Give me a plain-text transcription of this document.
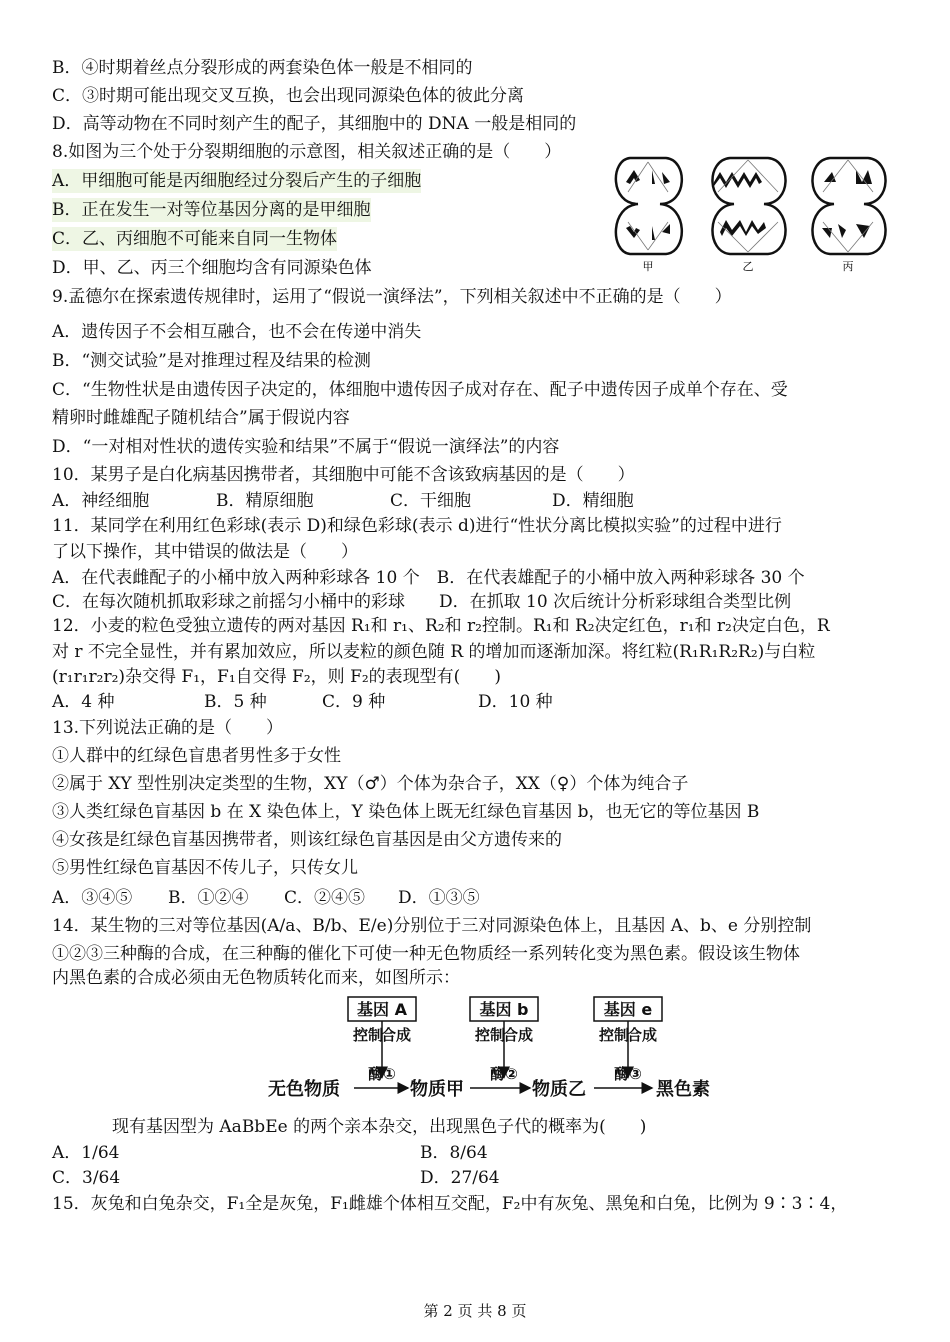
B．④时期着丝点分裂形成的两套染色体一般是不相同的
C．③时期可能出现交叉互换，也会出现同源染色体的彼此分离
D．高等动物在不同时刻产生的配子，其细胞中的 DNA 一般是相同的
8.如图为三个处于分裂期细胞的示意图，相关叙述正确的是（　　）
A．甲细胞可能是丙细胞经过分裂后产生的子细胞
B．正在发生一对等位基因分离的是甲细胞
C．乙、丙细胞不可能来自同一生物体
D．甲、乙、丙三个细胞均含有同源染色体	甲	乙	丙
9.孟德尔在探索遗传规律时，运用了“假说一演绎法”，下列相关叙述中不正确的是（　　）
A．遗传因子不会相互融合，也不会在传递中消失
B．“测交试验”是对推理过程及结果的检测
C．“生物性状是由遗传因子决定的，体细胞中遗传因子成对存在、配子中遗传因子成单个存在、受
精卵时雌雄配子随机结合”属于假说内容
D．“一对相对性状的遗传实验和结果”不属于“假说一演绎法”的内容
10．某男子是白化病基因携带者，其细胞中可能不含该致病基因的是（　　）
A．神经细胞	B．精原细胞	C．干细胞	D．精细胞
11．某同学在利用红色彩球(表示 D)和绿色彩球(表示 d)进行“性状分离比模拟实验”的过程中进行
了以下操作，其中错误的做法是（　　）
A．在代表雌配子的小桶中放入两种彩球各 10 个　B．在代表雄配子的小桶中放入两种彩球各 30 个
C．在每次随机抓取彩球之前摇匀小桶中的彩球　　D．在抓取 10 次后统计分析彩球组合类型比例
12．小麦的粒色受独立遗传的两对基因 R₁和 r₁、R₂和 r₂控制。R₁和 R₂决定红色，r₁和 r₂决定白色，R
对 r 不完全显性，并有累加效应，所以麦粒的颜色随 R 的增加而逐渐加深。将红粒(R₁R₁R₂R₂)与白粒
(r₁r₁r₂r₂)杂交得 F₁，F₁自交得 F₂，则 F₂的表现型有(　　)
A．4 种	B．5 种	C．9 种	D．10 种
13.下列说法正确的是（　　）
①人群中的红绿色盲患者男性多于女性
②属于 XY 型性别决定类型的生物，XY（♂）个体为杂合子，XX（♀）个体为纯合子
③人类红绿色盲基因 b 在 X 染色体上，Y 染色体上既无红绿色盲基因 b，也无它的等位基因 B
④女孩是红绿色盲基因携带者，则该红绿色盲基因是由父方遗传来的
⑤男性红绿色盲基因不传儿子，只传女儿
A．③④⑤ B．①②④ C．②④⑤ D．①③⑤
14．某生物的三对等位基因(A/a、B/b、E/e)分别位于三对同源染色体上，且基因 A、b、e 分别控制
①②③三种酶的合成，在三种酶的催化下可使一种无色物质经一系列转化变为黑色素。假设该生物体
内黑色素的合成必须由无色物质转化而来，如图所示：
基因 A	基因 b	基因 e
控制
合成	控制
合成	控制
合成
酶①	酶②	酶③
无色物质	物质甲	物质乙	黑色素
现有基因型为 AaBbEe 的两个亲本杂交，出现黑色子代的概率为(　　)
A．1/64	B．8/64
C．3/64	D．27/64
15．灰兔和白兔杂交，F₁全是灰兔，F₁雌雄个体相互交配，F₂中有灰兔、黑兔和白兔，比例为 9∶3∶4，
第 2 页 共 8 页
